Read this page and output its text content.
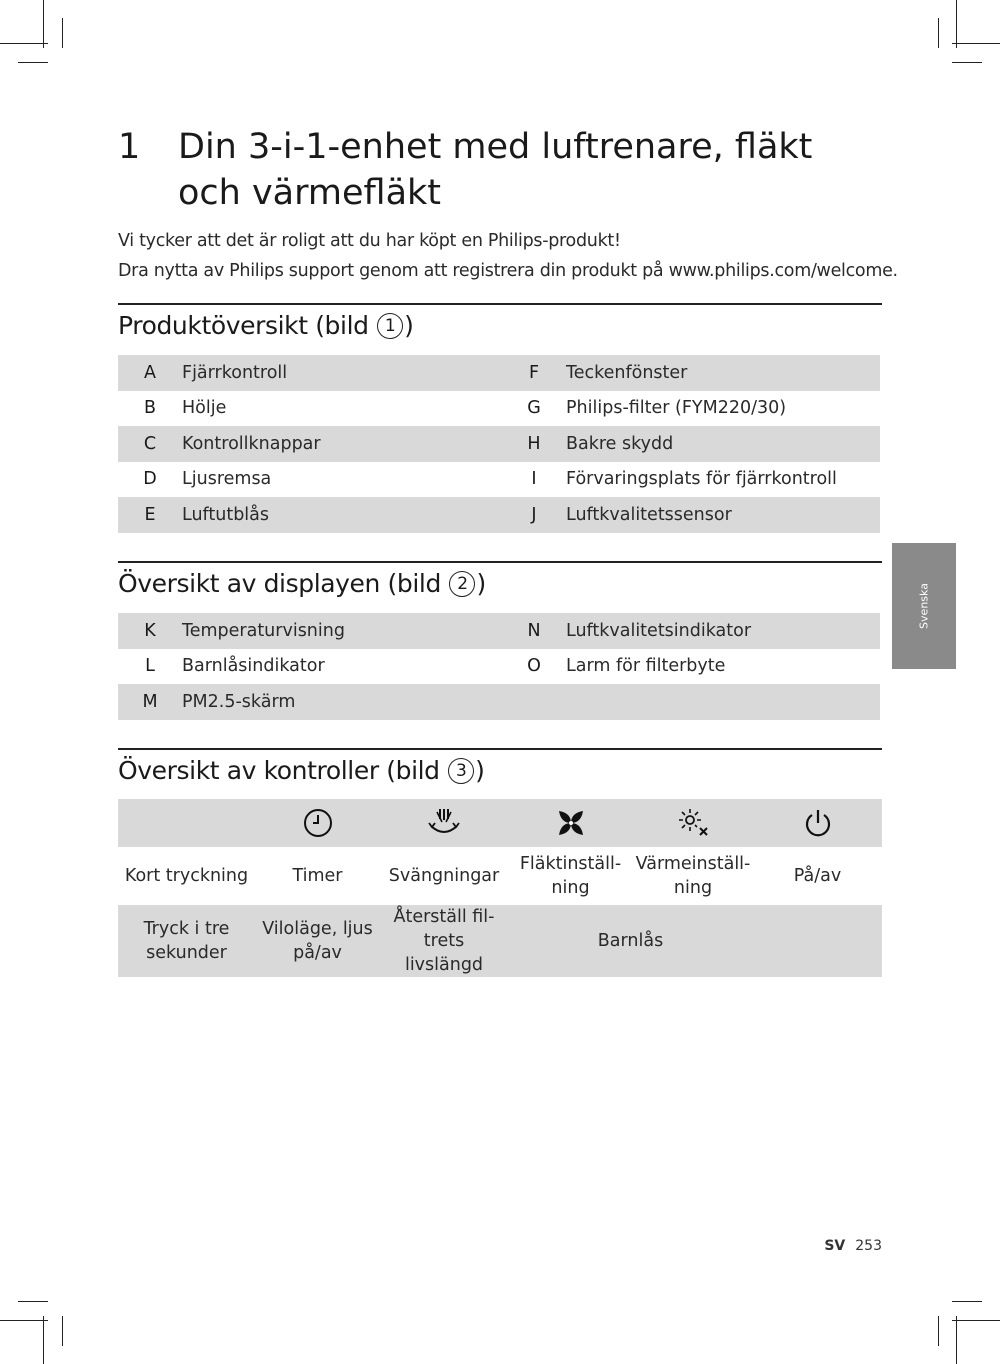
1	Din 3-i-1-enhet med luftrenare, fläkt och värmefläkt
Vi tycker att det är roligt att du har köpt en Philips-produkt!
Dra nytta av Philips support genom att registrera din produkt på www.philips.com/welcome.
Produktöversikt (bild 1 )
A	Fjärrkontroll	F	Teckenfönster
B	Hölje	G	Philips-filter (FYM220/30)
C	Kontrollknappar	H	Bakre skydd
D	Ljusremsa	I	Förvaringsplats för fjärrkontroll
E	Luftutblås	J	Luftkvalitetssensor
Översikt av displayen (bild 2 )
K	Temperaturvisning	N	Luftkvalitetsindikator
L	Barnlåsindikator	O	Larm för filterbyte
M	PM2.5-skärm		
Översikt av kontroller (bild 3 )

Kort tryckning	Timer	Svängningar	Fläktinställ-ning	Värmeinställ-ning	På/av
Tryck i tre sekunder	Viloläge, ljus på/av	Återställ fil-trets livslängd	Barnlås		
Svenska
SV 253
